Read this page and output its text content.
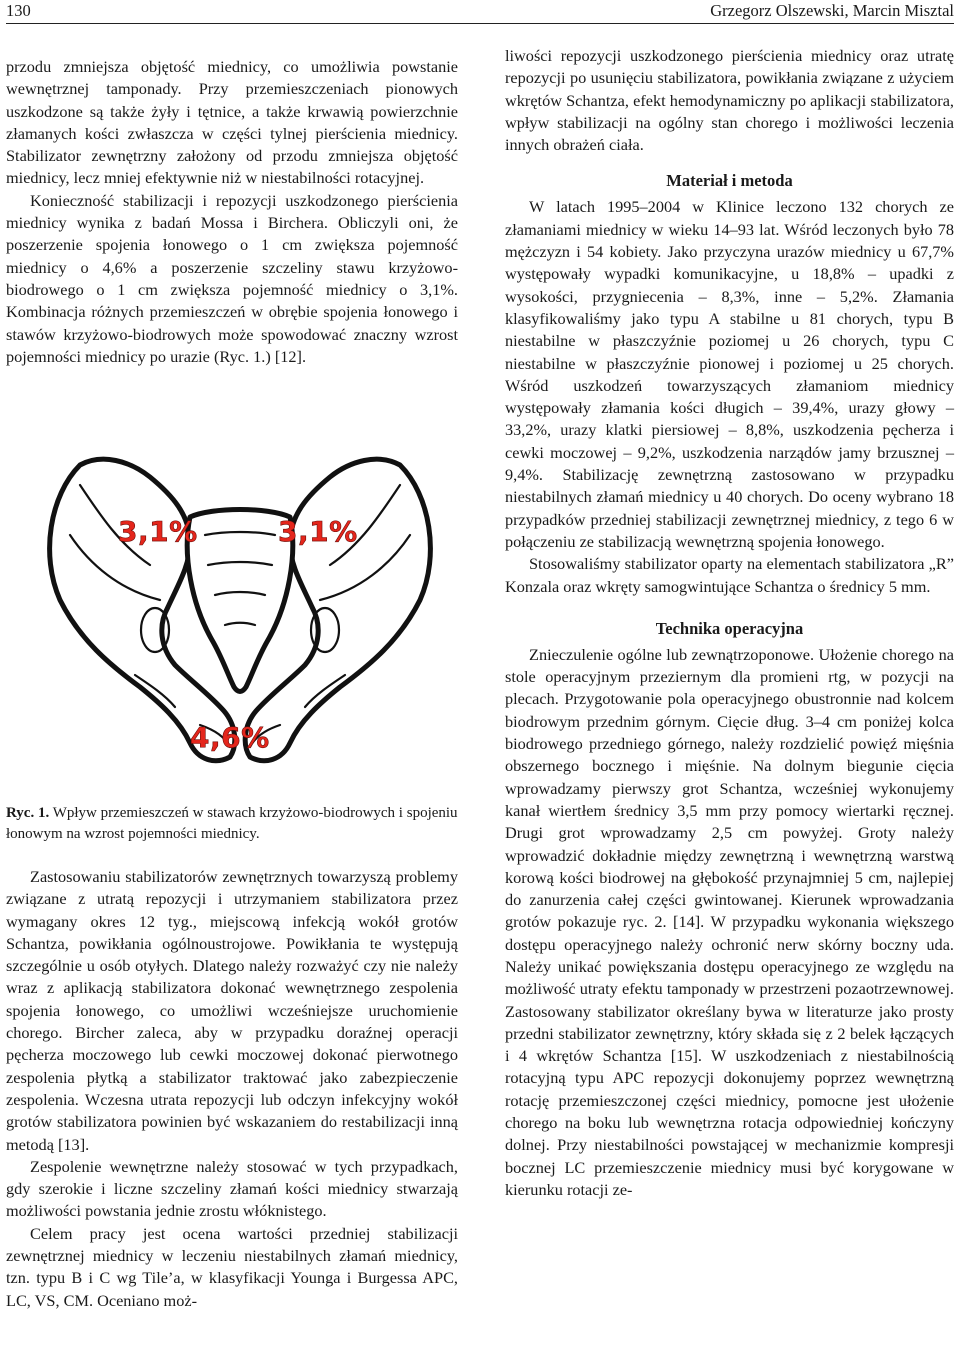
130	Grzegorz Olszewski, Marcin Misztal

przodu zmniejsza objętość miednicy, co umożliwia powstanie wewnętrznej tamponady. Przy przemieszczeniach pionowych uszkodzone są także żyły i tętnice, a także krwawią powierzchnie złamanych kości zwłaszcza w części tylnej pierścienia miednicy. Stabilizator zewnętrzny założony od przodu zmniejsza objętość miednicy, lecz mniej efektywnie niż w niestabilności rotacyjnej.

Konieczność stabilizacji i repozycji uszkodzonego pierścienia miednicy wynika z badań Mossa i Birchera. Obliczyli oni, że poszerzenie spojenia łonowego o 1 cm zwiększa pojemność miednicy o 4,6% a poszerzenie szczeliny stawu krzyżowo-biodrowego o 1 cm zwiększa pojemność miednicy o 3,1%. Kombinacja różnych przemieszczeń w obrębie spojenia łonowego i stawów krzyżowo-biodrowych może spowodować znaczny wzrost pojemności miednicy po urazie (Ryc. 1.) [12].

3,1%	3,1%
4,6%
Ryc. 1. Wpływ przemieszczeń w stawach krzyżowo-biodrowych i spojeniu łonowym na wzrost pojemności miednicy.

Zastosowaniu stabilizatorów zewnętrznych towarzyszą problemy związane z utratą repozycji i utrzymaniem stabilizatora przez wymagany okres 12 tyg., miejscową infekcją wokół grotów Schantza, powikłania ogólnoustrojowe. Powikłania te występują szczególnie u osób otyłych. Dlatego należy rozważyć czy nie należy wraz z aplikacją stabilizatora dokonać wewnętrznego zespolenia spojenia łonowego, co umożliwi wcześniejsze uruchomienie chorego. Bircher zaleca, aby w przypadku doraźnej operacji pęcherza moczowego lub cewki moczowej dokonać pierwotnego zespolenia płytką a stabilizator traktować jako zabezpieczenie zespolenia. Wczesna utrata repozycji lub odczyn infekcyjny wokół grotów stabilizatora powinien być wskazaniem do restabilizacji inną metodą [13].

Zespolenie wewnętrzne należy stosować w tych przypadkach, gdy szerokie i liczne szczeliny złamań kości miednicy stwarzają możliwości powstania jednie zrostu włóknistego.

Celem pracy jest ocena wartości przedniej stabilizacji zewnętrznej miednicy w leczeniu niestabilnych złamań miednicy, tzn. typu B i C wg Tile’a, w klasyfikacji Younga i Burgessa APC, LC, VS, CM. Oceniano moż-

liwości repozycji uszkodzonego pierścienia miednicy oraz utratę repozycji po usunięciu stabilizatora, powikłania związane z użyciem wkrętów Schantza, efekt hemodynamiczny po aplikacji stabilizatora, wpływ stabilizacji na ogólny stan chorego i możliwości leczenia innych obrażeń ciała.

Materiał i metoda

W latach 1995–2004 w Klinice leczono 132 chorych ze złamaniami miednicy w wieku 14–93 lat. Wśród leczonych było 78 mężczyzn i 54 kobiety. Jako przyczyna urazów miednicy u 67,7% występowały wypadki komunikacyjne, u 18,8% – upadki z wysokości, przygniecenia – 8,3%, inne – 5,2%. Złamania klasyfikowaliśmy jako typu A stabilne u 81 chorych, typu B niestabilne w płaszczyźnie poziomej u 26 chorych, typu C niestabilne w płaszczyźnie pionowej i poziomej u 25 chorych. Wśród uszkodzeń towarzyszących złamaniom miednicy występowały złamania kości długich – 39,4%, urazy głowy – 33,2%, urazy klatki piersiowej – 8,8%, uszkodzenia pęcherza i cewki moczowej – 9,2%, uszkodzenia narządów jamy brzusznej – 9,4%. Stabilizację zewnętrzną zastosowano w przypadku niestabilnych złamań miednicy u 40 chorych. Do oceny wybrano 18 przypadków przedniej stabilizacji zewnętrznej miednicy, z tego 6 w połączeniu ze stabilizacją wewnętrzną spojenia łonowego.

Stosowaliśmy stabilizator oparty na elementach stabilizatora „R” Konzala oraz wkręty samogwintujące Schantza o średnicy 5 mm.

Technika operacyjna

Znieczulenie ogólne lub zewnątrzoponowe. Ułożenie chorego na stole operacyjnym przeziernym dla promieni rtg, w pozycji na plecach. Przygotowanie pola operacyjnego obustronnie nad kolcem biodrowym przednim górnym. Cięcie dług. 3–4 cm poniżej kolca biodrowego przedniego górnego, należy rozdzielić powięź mięśnia obszernego bocznego i mięśnie. Na dolnym biegunie cięcia wprowadzamy pierwszy grot Schantza, wcześniej wykonujemy kanał wiertłem średnicy 3,5 mm przy pomocy wiertarki ręcznej. Drugi grot wprowadzamy 2,5 cm powyżej. Groty należy wprowadzić dokładnie między zewnętrzną i wewnętrzną warstwą korową kości biodrowej na głębokość przynajmniej 5 cm, najlepiej do zanurzenia całej części gwintowanej. Kierunek wprowadzania grotów pokazuje ryc. 2. [14]. W przypadku wykonania większego dostępu operacyjnego należy ochronić nerw skórny boczny uda. Należy unikać powiększania dostępu operacyjnego ze względu na możliwość utraty efektu tamponady w przestrzeni pozaotrzewnowej. Zastosowany stabilizator określany bywa w literaturze jako prosty przedni stabilizator zewnętrzny, który składa się z 2 belek łączących i 4 wkrętów Schantza [15]. W uszkodzeniach z niestabilnością rotacyjną typu APC repozycji dokonujemy poprzez wewnętrzną rotację przemieszczonej części miednicy, pomocne jest ułożenie chorego na boku lub wewnętrzna rotacja odpowiedniej kończyny dolnej. Przy niestabilności powstającej w mechanizmie kompresji bocznej LC przemieszczenie miednicy musi być korygowane w kierunku rotacji ze-
